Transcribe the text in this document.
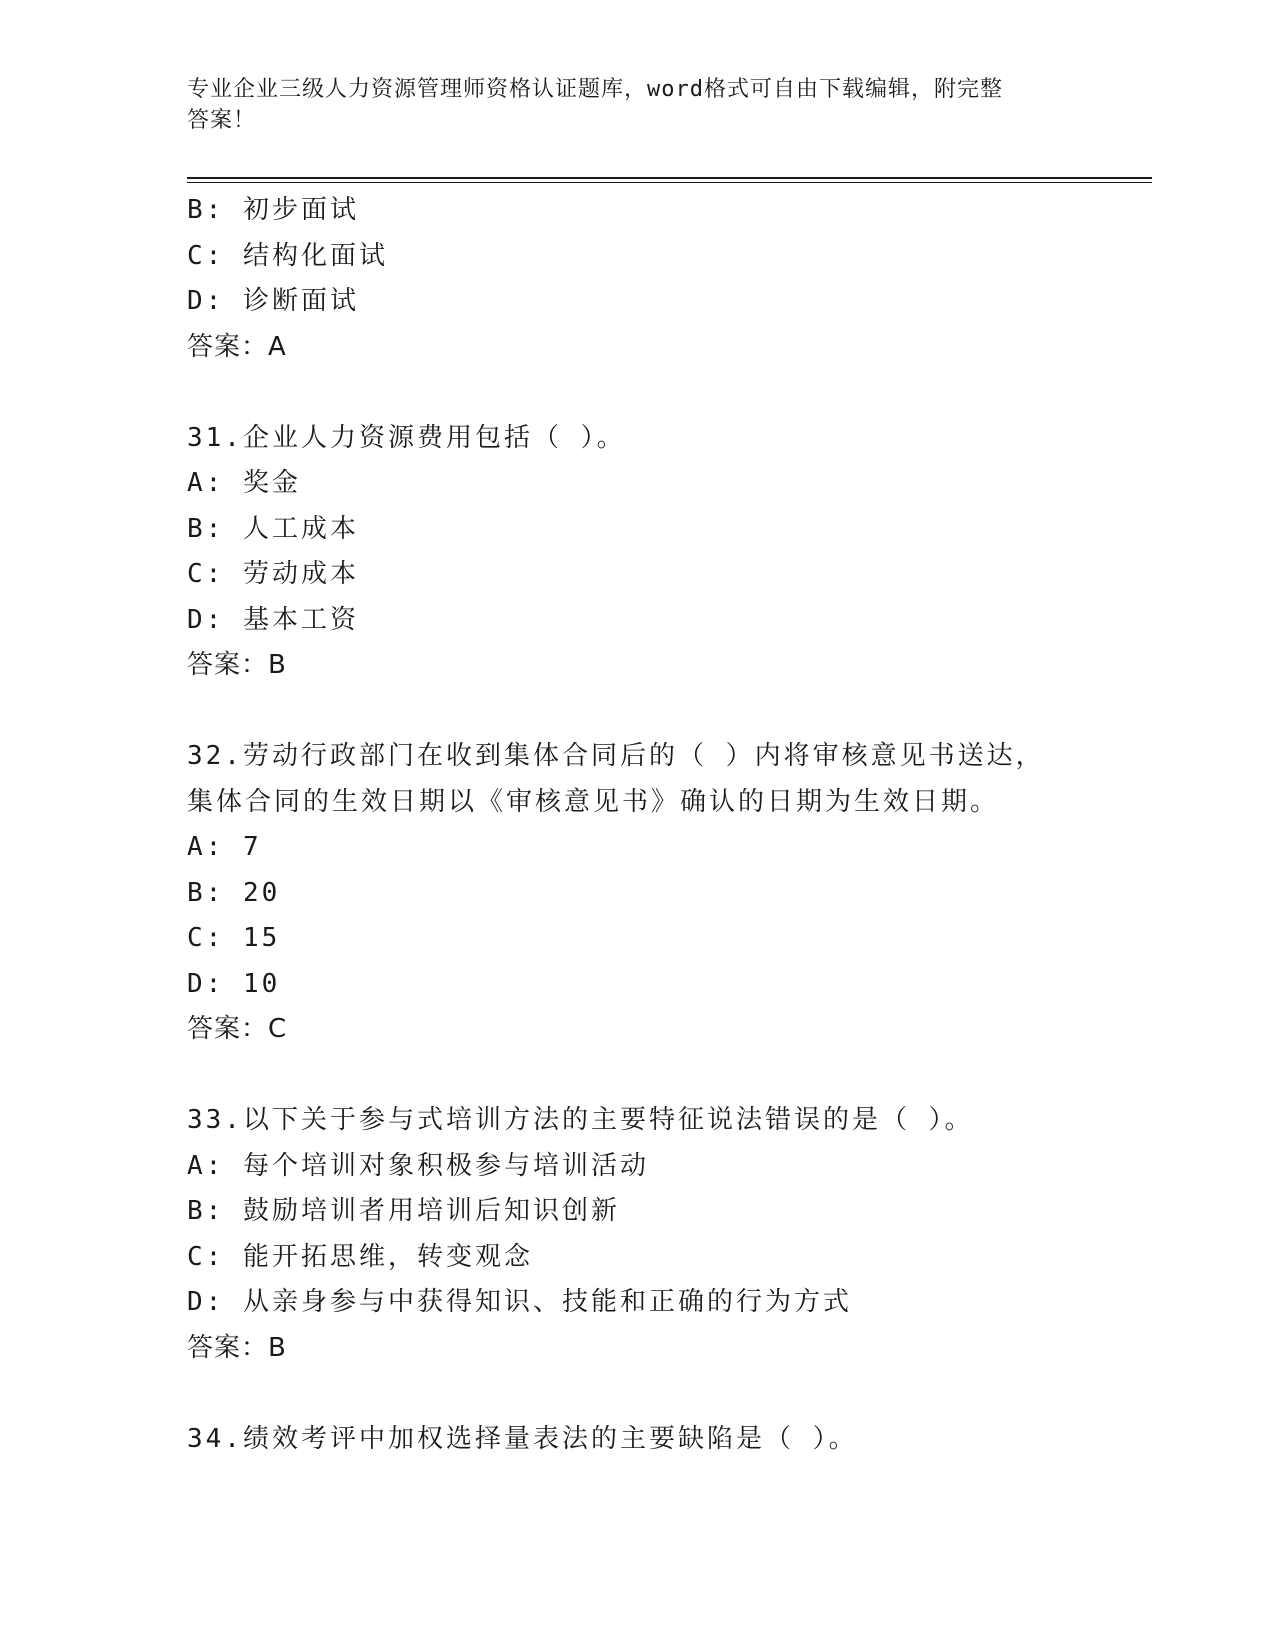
专业企业三级人力资源管理师资格认证题库，word格式可自由下载编辑，附完整
答案！
B: 初步面试
C: 结构化面试
D: 诊断面试
答案：A
31.企业人力资源费用包括（ ）。
A: 奖金
B: 人工成本
C: 劳动成本
D: 基本工资
答案：B
32.劳动行政部门在收到集体合同后的（ ）内将审核意见书送达，
集体合同的生效日期以《审核意见书》确认的日期为生效日期。
A: 7
B: 20
C: 15
D: 10
答案：C
33.以下关于参与式培训方法的主要特征说法错误的是（ ）。
A: 每个培训对象积极参与培训活动
B: 鼓励培训者用培训后知识创新
C: 能开拓思维，转变观念
D: 从亲身参与中获得知识、技能和正确的行为方式
答案：B
34.绩效考评中加权选择量表法的主要缺陷是（ ）。
